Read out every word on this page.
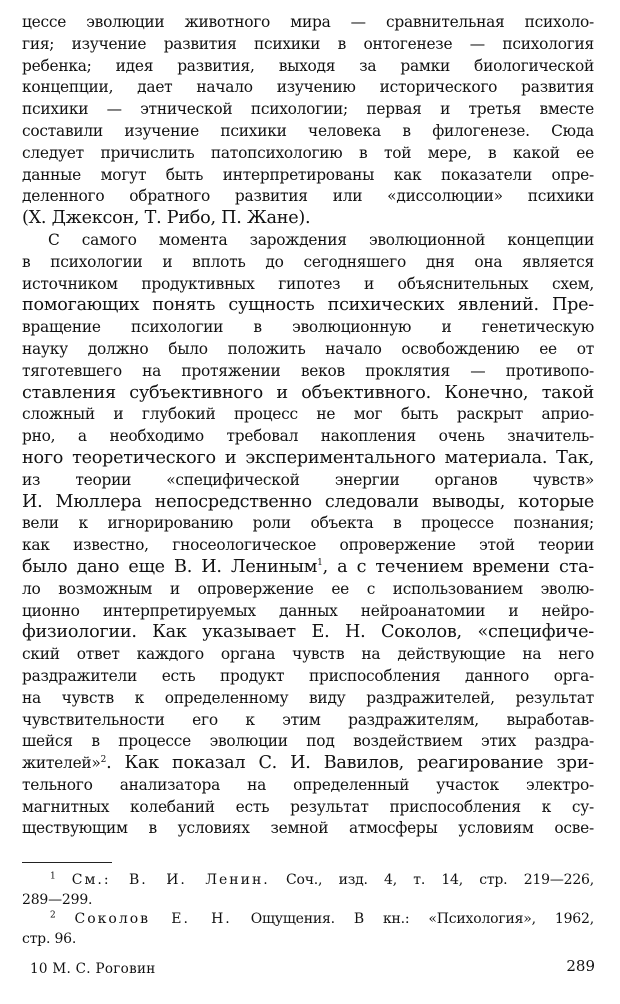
цессе эволюции животного мира — сравнительная психоло-
гия; изучение развития психики в онтогенезе — психология
ребенка; идея развития, выходя за рамки биологической
концепции, дает начало изучению исторического развития
психики — этнической психологии; первая и третья вместе
составили изучение психики человека в филогенезе. Сюда
следует причислить патопсихологию в той мере, в какой ее
данные могут быть интерпретированы как показатели опре-
деленного обратного развития или «диссолюции» психики
(Х. Джексон, Т. Рибо, П. Жане).

С самого момента зарождения эволюционной концепции
в психологии и вплоть до сегодняшего дня она является
источником продуктивных гипотез и объяснительных схем,
помогающих понять сущность психических явлений. Пре-
вращение психологии в эволюционную и генетическую
науку должно было положить начало освобождению ее от
тяготевшего на протяжении веков проклятия — противопо-
ставления субъективного и объективного. Конечно, такой
сложный и глубокий процесс не мог быть раскрыт априо-
рно, а необходимо требовал накопления очень значитель-
ного теоретического и экспериментального материала. Так,
из теории «специфической энергии органов чувств»
И. Мюллера непосредственно следовали выводы, которые
вели к игнорированию роли объекта в процессе познания;
как известно, гносеологическое опровержение этой теории
было дано еще В. И. Лениным$^1$, а с течением времени ста-
ло возможным и опровержение ее с использованием эволю-
ционно интерпретируемых данных нейроанатомии и нейро-
физиологии. Как указывает Е. Н. Соколов, «специфиче-
ский ответ каждого органа чувств на действующие на него
раздражители есть продукт приспособления данного орга-
на чувств к определенному виду раздражителей, результат
чувствительности его к этим раздражителям, выработав-
шейся в процессе эволюции под воздействием этих раздра-
жителей»$^2$. Как показал С. И. Вавилов, реагирование зри-
тельного анализатора на определенный участок электро-
магнитных колебаний есть результат приспособления к су-
ществующим в условиях земной атмосферы условиям осве-

$^1$ См.: В. И. Ленин. Соч., изд. 4, т. 14, стр. 219—226,
289—299.

$^2$ Соколов Е. Н. Ощущения. В кн.: «Психология», 1962,
стр. 96.

10 М. С. Роговин	289
